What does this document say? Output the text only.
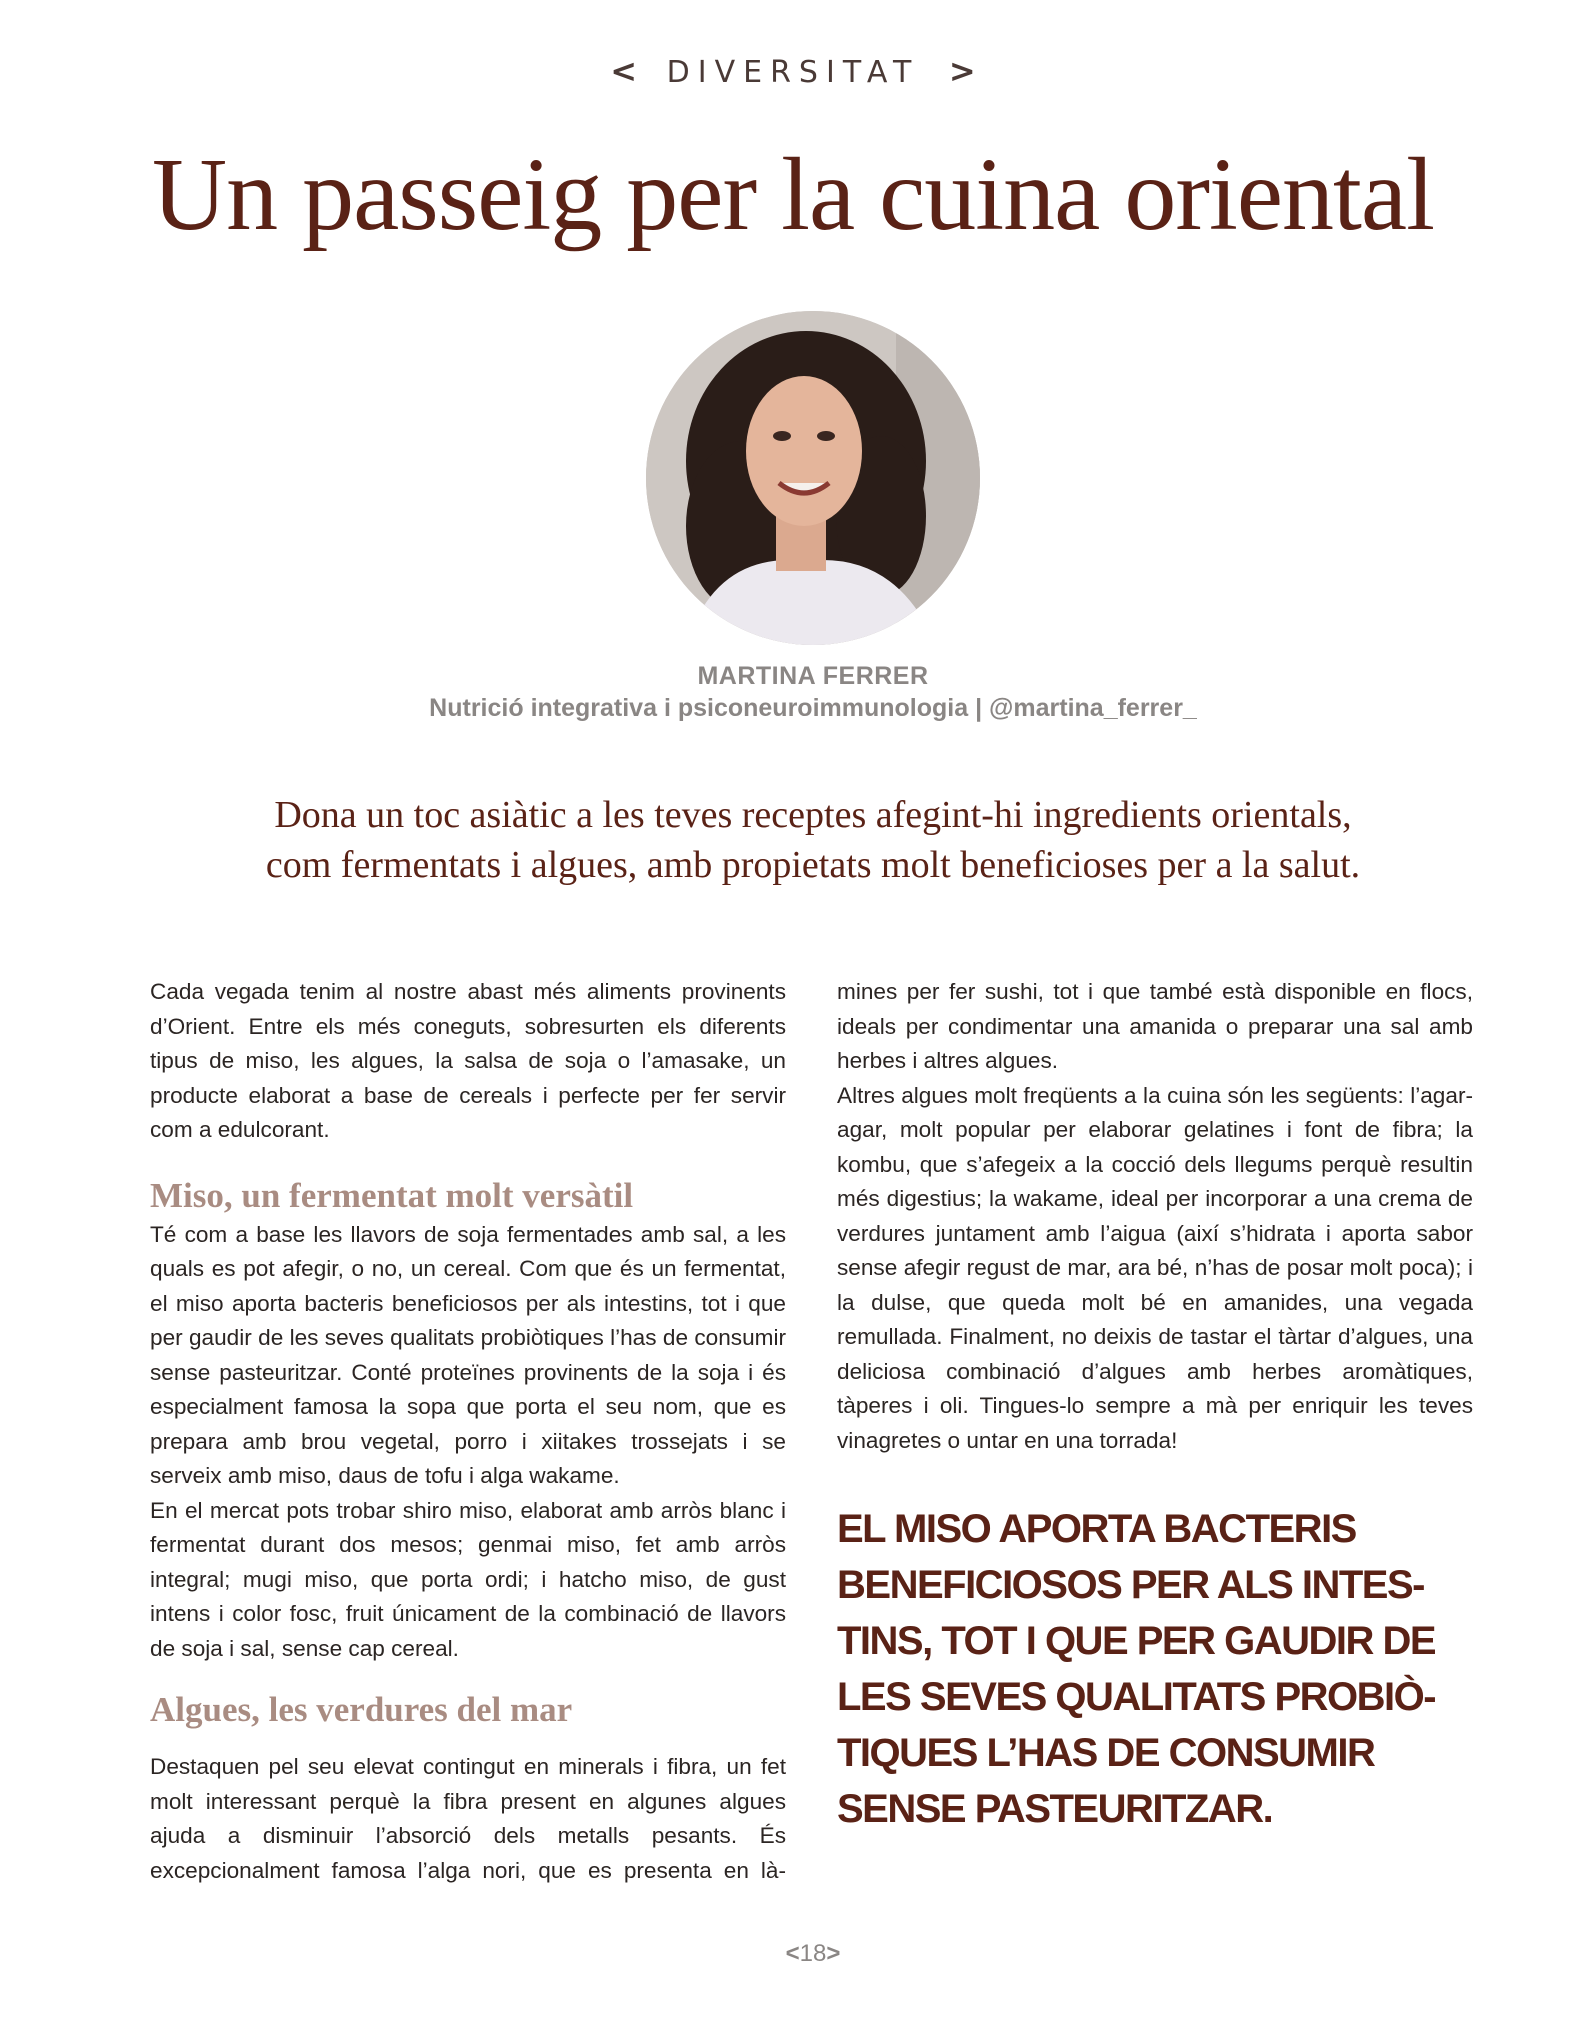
< DIVERSITAT >
Un passeig per la cuina oriental
MARTINA FERRER
Nutrició integrativa i psiconeuroimmunologia | @martina_ferrer_
Dona un toc asiàtic a les teves receptes afegint-hi ingredients orientals,
com fermentats i algues, amb propietats molt beneficioses per a la salut.

Cada vegada tenim al nostre abast més aliments provinents d’Orient. Entre els més coneguts, sobresurten els diferents tipus de miso, les algues, la salsa de soja o l’amasake, un producte elaborat a base de cereals i perfecte per fer servir com a edulcorant.

Miso, un fermentat molt versàtil

Té com a base les llavors de soja fermentades amb sal, a les quals es pot afegir, o no, un cereal. Com que és un fermentat, el miso aporta bacteris beneficiosos per als intestins, tot i que per gaudir de les seves qualitats probiòtiques l’has de consumir sense pasteuritzar. Conté proteïnes provinents de la soja i és especialment famosa la sopa que porta el seu nom, que es prepara amb brou vegetal, porro i xiitakes trossejats i se serveix amb miso, daus de tofu i alga wakame.

En el mercat pots trobar shiro miso, elaborat amb arròs blanc i fermentat durant dos mesos; genmai miso, fet amb arròs integral; mugi miso, que porta ordi; i hatcho miso, de gust intens i color fosc, fruit únicament de la combinació de llavors de soja i sal, sense cap cereal.

Algues, les verdures del mar

Destaquen pel seu elevat contingut en minerals i fibra, un fet molt interessant perquè la fibra present en algunes algues ajuda a disminuir l’absorció dels metalls pesants. És excepcionalment famosa l’alga nori, que es presenta en là

ines per fer sushi, tot i que també està disponible en flocs, ideals per condimentar una amanida o preparar una sal amb herbes i altres algues.

Altres algues molt freqüents a la cuina són les següents: l’agar-agar, molt popular per elaborar gelatines i font de fibra; la kombu, que s’afegeix a la cocció dels llegums perquè resultin més digestius; la wakame, ideal per incorporar a una crema de verdures juntament amb l’aigua (així s’hidrata i aporta sabor sense afegir regust de mar, ara bé, n’has de posar molt poca); i la dulse, que queda molt bé en amanides, una vegada remullada. Finalment, no deixis de tastar el tàrtar d’algues, una deliciosa combinació d’algues amb herbes aromàtiques, tàperes i oli. Tingues-lo sempre a mà per enriquir les teves vinagretes o untar en una torrada!

EL MISO APORTA BACTERIS BENEFICIOSOS PER ALS INTESTINS, TOT I QUE PER GAUDIR DE LES SEVES QUALITATS PROBIÒTIQUES L’HAS DE CONSUMIR SENSE PASTEURITZAR.

<18>
